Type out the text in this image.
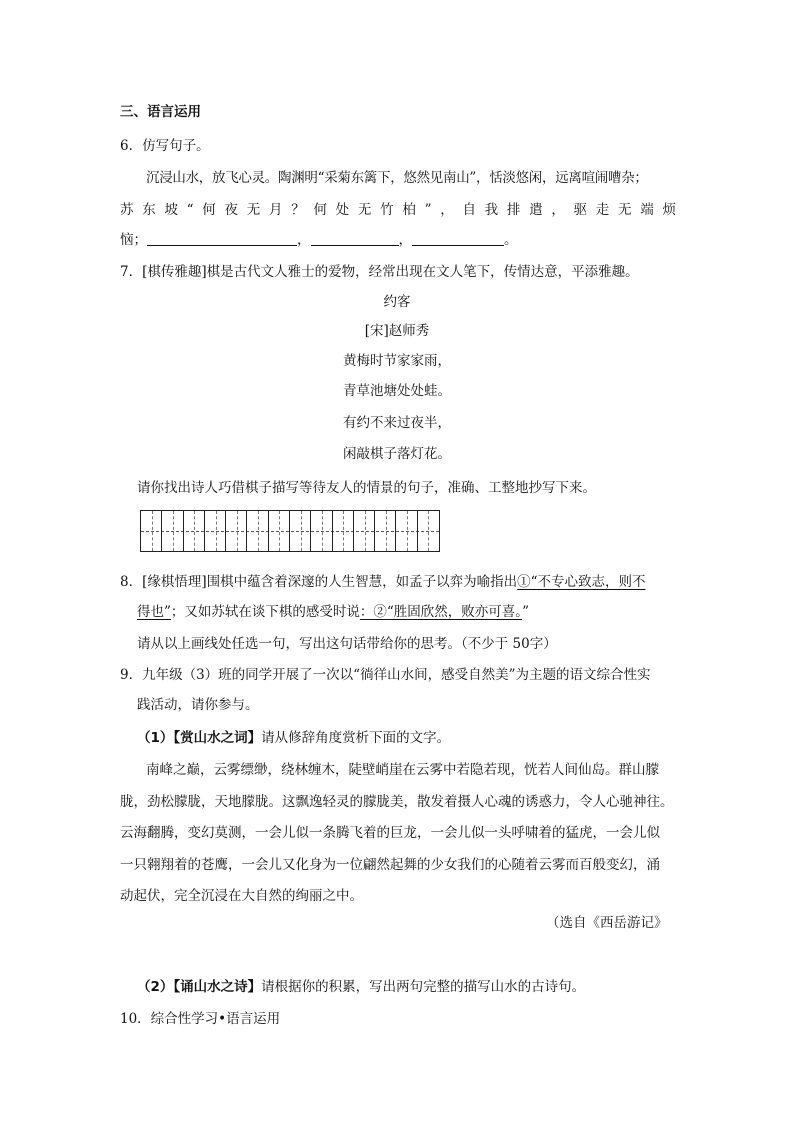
三、语言运用
6．仿写句子。
沉浸山水，放飞心灵。陶渊明“采菊东篱下，悠然见南山”，恬淡悠闲，远离喧闹嘈杂；
苏东坡“何夜无月？何处无竹柏”，自我排遣，驱走无端烦
恼；	，	，	。
7．[棋传雅趣]棋是古代文人雅士的爱物，经常出现在文人笔下，传情达意，平添雅趣。
约客
[宋]赵师秀
黄梅时节家家雨，
青草池塘处处蛙。
有约不来过夜半，
闲敲棋子落灯花。
请你找出诗人巧借棋子描写等待友人的情景的句子，准确、工整地抄写下来。
8．[缘棋悟理]围棋中蕴含着深邃的人生智慧，如孟子以弈为喻指出①“不专心致志，则不
得也”；又如苏轼在谈下棋的感受时说：②“胜固欣然，败亦可喜。”
请从以上画线处任选一句，写出这句话带给你的思考。（不少于 50字）
9．九年级（3）班的同学开展了一次以“徜徉山水间，感受自然美”为主题的语文综合性实
践活动，请你参与。
（1）【赏山水之词】请从修辞角度赏析下面的文字。
南峰之巅，云雾缥缈，绕林缠木，陡壁峭崖在云雾中若隐若现，恍若人间仙岛。群山朦
胧，劲松朦胧，天地朦胧。这飘逸轻灵的朦胧美，散发着摄人心魂的诱惑力，令人心驰神往。
云海翻腾，变幻莫测，一会儿似一条腾飞着的巨龙，一会儿似一头呼啸着的猛虎，一会儿似
一只翱翔着的苍鹰，一会儿又化身为一位翩然起舞的少女我们的心随着云雾而百般变幻，涌
动起伏，完全沉浸在大自然的绚丽之中。
（选自《西岳游记》
（2）【诵山水之诗】请根据你的积累，写出两句完整的描写山水的古诗句。
10．综合性学习•语言运用
